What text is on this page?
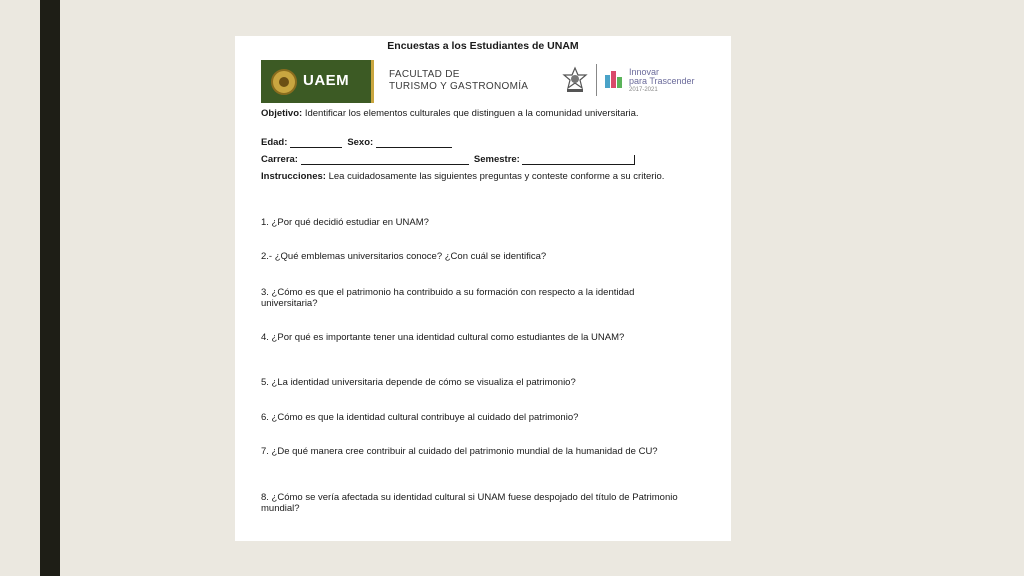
Encuestas a los Estudiantes de UNAM
UAEM	FACULTAD DE
TURISMO Y GASTRONOMÍA
Innovar
para Trascender
2017-2021
Objetivo: Identificar los elementos culturales que distinguen a la comunidad universitaria.
Edad:	Sexo:
Carrera:	Semestre:
Instrucciones: Lea cuidadosamente las siguientes preguntas y conteste conforme a su criterio.
1. ¿Por qué decidió estudiar en UNAM?
2.- ¿Qué emblemas universitarios conoce? ¿Con cuál se identifica?
3. ¿Cómo es que el patrimonio ha contribuido a su formación con respecto a la identidad universitaria?
4. ¿Por qué es importante tener una identidad cultural como estudiantes de la UNAM?
5. ¿La identidad universitaria depende de cómo se visualiza el patrimonio?
6. ¿Cómo es que la identidad cultural contribuye al cuidado del patrimonio?
7. ¿De qué manera cree contribuir al cuidado del patrimonio mundial de la humanidad de CU?
8. ¿Cómo se vería afectada su identidad cultural si UNAM fuese despojado del título de Patrimonio mundial?
